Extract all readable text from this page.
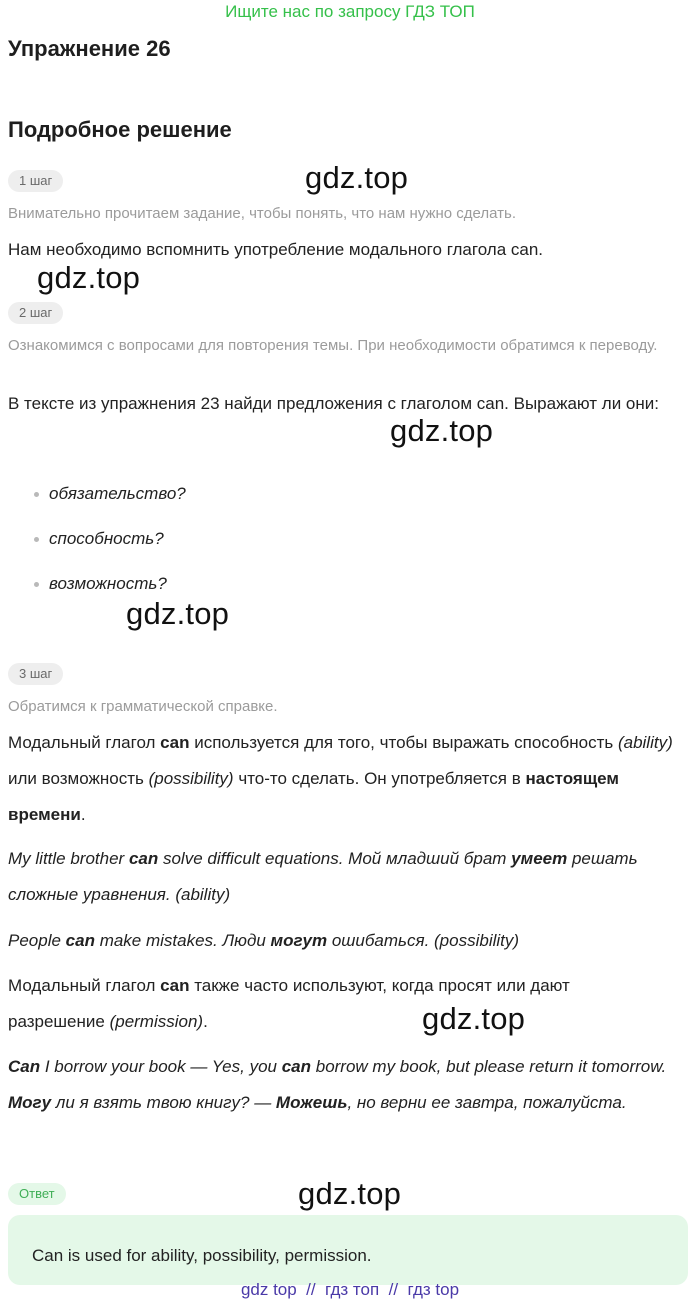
Ищите нас по запросу ГДЗ ТОП
Упражнение 26
Подробное решение
1 шаг	gdz.top
Внимательно прочитаем задание, чтобы понять, что нам нужно сделать.
Нам необходимо вспомнить употребление модального глагола can.
gdz.top
2 шаг
Ознакомимся с вопросами для повторения темы. При необходимости обратимся к переводу.
В тексте из упражнения 23 найди предложения с глаголом can. Выражают ли они:
gdz.top
обязательство?
способность?
возможность?
gdz.top
3 шаг
Обратимся к грамматической справке.
Модальный глагол can используется для того, чтобы выражать способность (ability) или возможность (possibility) что-то сделать. Он употребляется в настоящем времени.
My little brother can solve difficult equations. Мой младший брат умеет решать сложные уравнения. (ability)
People can make mistakes. Люди могут ошибаться. (possibility)
Модальный глагол can также часто используют, когда просят или дают разрешение (permission).	gdz.top
Can I borrow your book — Yes, you can borrow my book, but please return it tomorrow. Могу ли я взять твою книгу? — Можешь, но верни ее завтра, пожалуйста.
Ответ	gdz.top
Can is used for ability, possibility, permission.
gdz top  //  гдз топ  //  гдз top
